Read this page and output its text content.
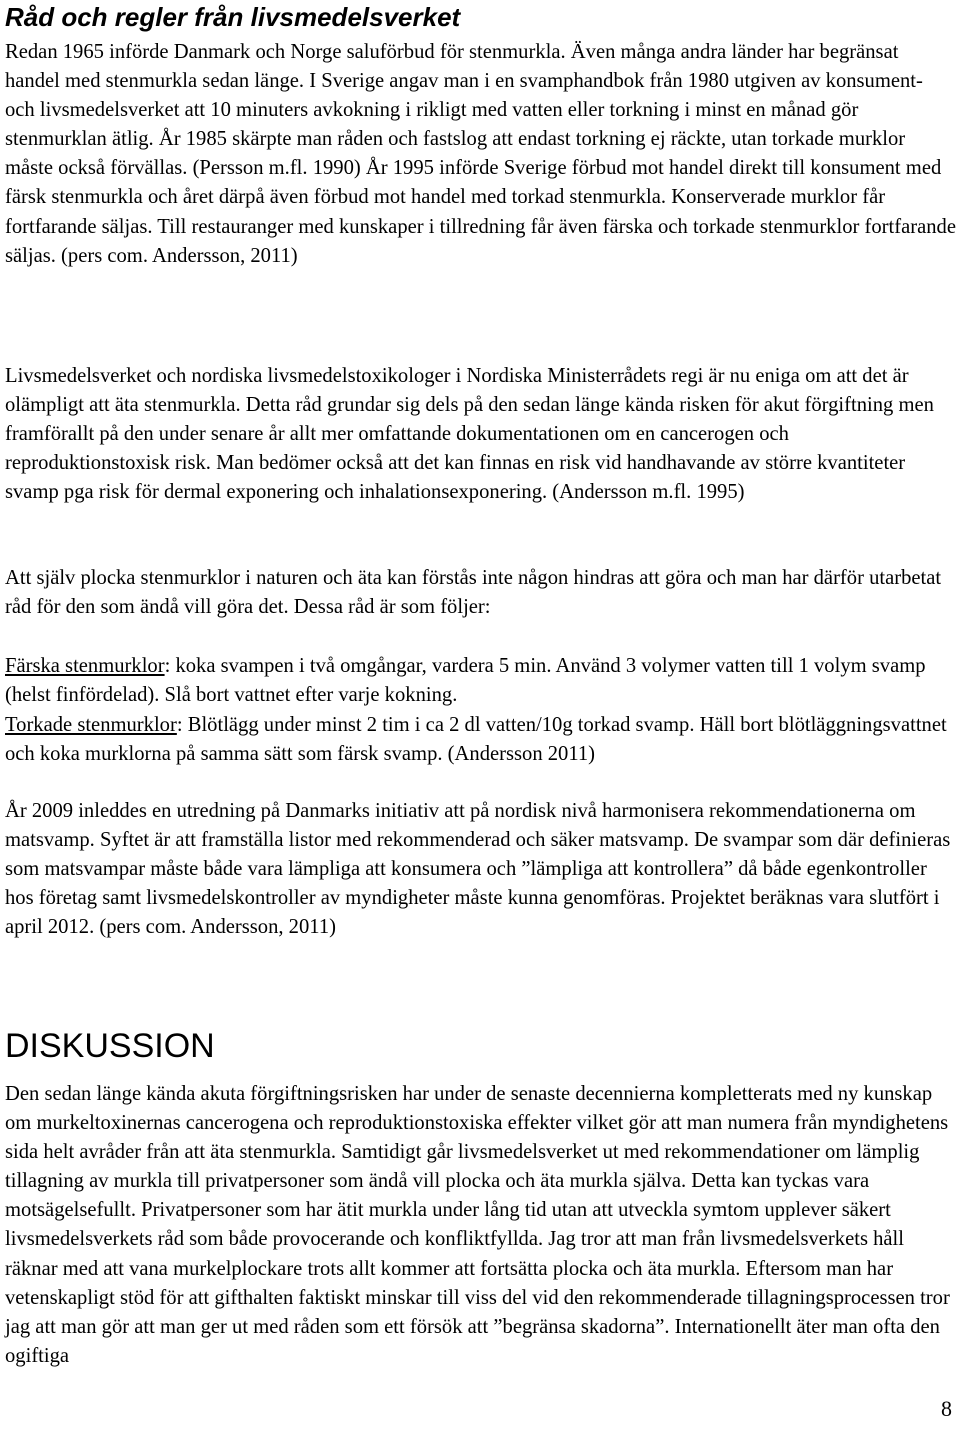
Råd och regler från livsmedelsverket

Redan 1965 införde Danmark och Norge saluförbud för stenmurkla. Även många andra länder har begränsat handel med stenmurkla sedan länge. I Sverige angav man i en svamphandbok från 1980 utgiven av konsument- och livsmedelsverket att 10 minuters avkokning i rikligt med vatten eller torkning i minst en månad gör stenmurklan ätlig. År 1985 skärpte man råden och fastslog att endast torkning ej räckte, utan torkade murklor måste också förvällas. (Persson m.fl. 1990) År 1995 införde Sverige förbud mot handel direkt till konsument med färsk stenmurkla och året därpå även förbud mot handel med torkad stenmurkla. Konserverade murklor får fortfarande säljas. Till restauranger med kunskaper i tillredning får även färska och torkade stenmurklor fortfarande säljas. (pers com. Andersson, 2011)

Livsmedelsverket och nordiska livsmedelstoxikologer i Nordiska Ministerrådets regi är nu eniga om att det är olämpligt att äta stenmurkla. Detta råd grundar sig dels på den sedan länge kända risken för akut förgiftning men framförallt på den under senare år allt mer omfattande dokumentationen om en cancerogen och reproduktionstoxisk risk. Man bedömer också att det kan finnas en risk vid handhavande av större kvantiteter svamp pga risk för dermal exponering och inhalationsexponering. (Andersson m.fl. 1995)

Att själv plocka stenmurklor i naturen och äta kan förstås inte någon hindras att göra och man har därför utarbetat råd för den som ändå vill göra det. Dessa råd är som följer:

Färska stenmurklor: koka svampen i två omgångar, vardera 5 min. Använd 3 volymer vatten till 1 volym svamp (helst finfördelad). Slå bort vattnet efter varje kokning.

Torkade stenmurklor: Blötlägg under minst 2 tim i ca 2 dl vatten/10g torkad svamp. Häll bort blötläggningsvattnet och koka murklorna på samma sätt som färsk svamp. (Andersson 2011)

År 2009 inleddes en utredning på Danmarks initiativ att på nordisk nivå harmonisera rekommendationerna om matsvamp. Syftet är att framställa listor med rekommenderad och säker matsvamp. De svampar som där definieras som matsvampar måste både vara lämpliga att konsumera och ”lämpliga att kontrollera” då både egenkontroller hos företag samt livsmedelskontroller av myndigheter måste kunna genomföras. Projektet beräknas vara slutfört i april 2012. (pers com. Andersson, 2011)

DISKUSSION

Den sedan länge kända akuta förgiftningsrisken har under de senaste decennierna kompletterats med ny kunskap om murkeltoxinernas cancerogena och reproduktionstoxiska effekter vilket gör att man numera från myndighetens sida helt avråder från att äta stenmurkla. Samtidigt går livsmedelsverket ut med rekommendationer om lämplig tillagning av murkla till privatpersoner som ändå vill plocka och äta murkla själva. Detta kan tyckas vara motsägelsefullt. Privatpersoner som har ätit murkla under lång tid utan att utveckla symtom upplever säkert livsmedelsverkets råd som både provocerande och konfliktfyllda. Jag tror att man från livsmedelsverkets håll räknar med att vana murkelplockare trots allt kommer att fortsätta plocka och äta murkla. Eftersom man har vetenskapligt stöd för att gifthalten faktiskt minskar till viss del vid den rekommenderade tillagningsprocessen tror jag att man gör att man ger ut med råden som ett försök att ”begränsa skadorna”. Internationellt äter man ofta den ogiftiga

8
